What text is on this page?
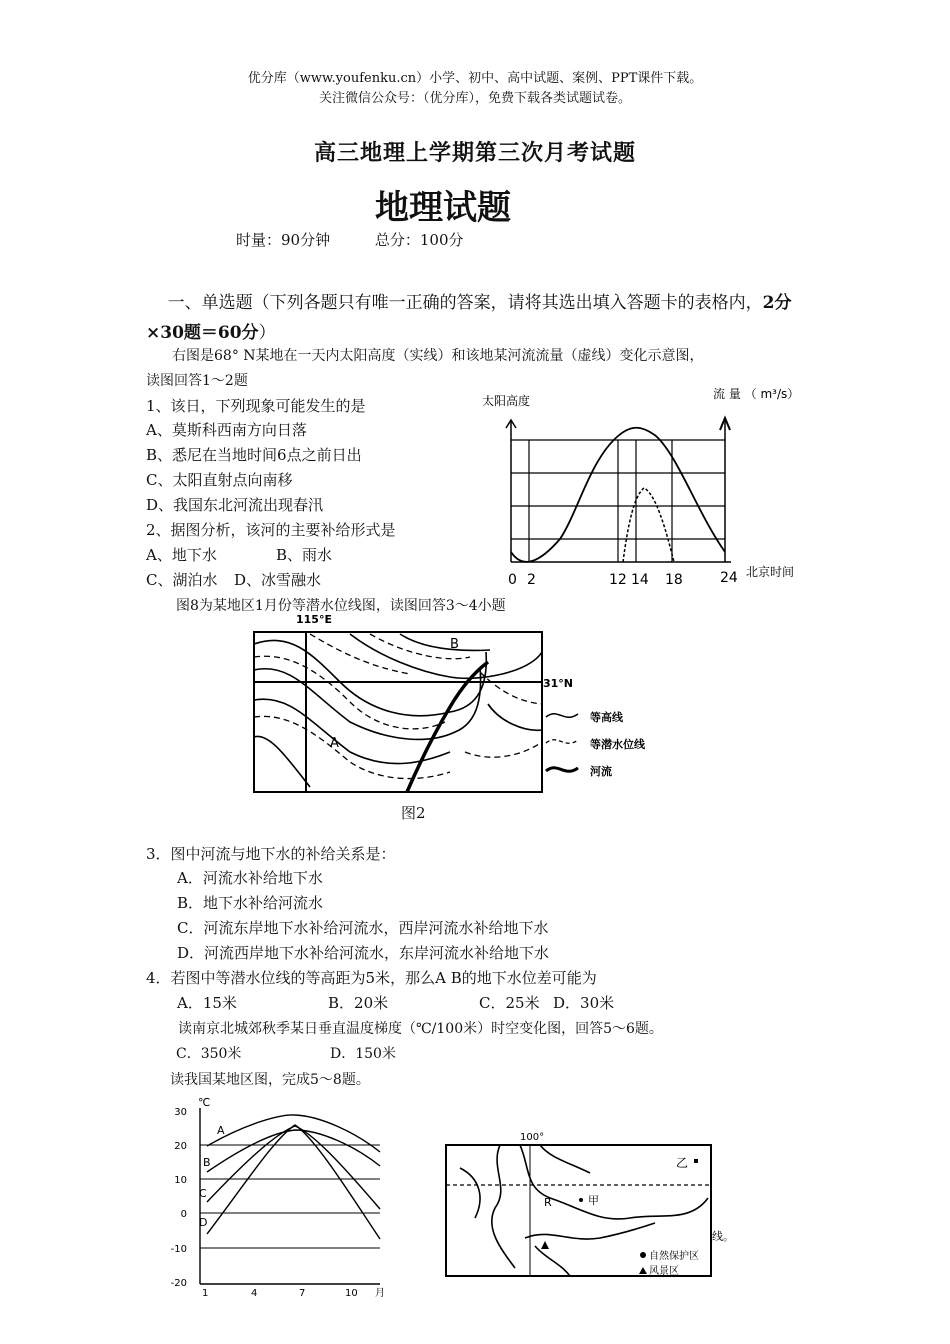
优分库（www.youfenku.cn）小学、初中、高中试题、案例、PPT课件下载。
关注微信公众号：（优分库），免费下载各类试题试卷。
高三地理上学期第三次月考试题
地理试题
时量：90分钟	总分：100分
一、单选题（下列各题只有唯一正确的答案，请将其选出填入答题卡的表格内，2分×30题＝60分）
右图是68° N某地在一天内太阳高度（实线）和该地某河流流量（虚线）变化示意图，
读图回答1～2题
1、该日，下列现象可能发生的是
A、莫斯科西南方向日落
B、悉尼在当地时间6点之前日出
C、太阳直射点向南移
D、我国东北河流出现春汛
2、据图分析，该河的主要补给形式是
A、地下水	B、雨水
C、湖泊水 D、冰雪融水
太阳高度	流 量 （ m³/s）
0 2	12 14 18	24 北京时间
图8为某地区1月份等潜水位线图，读图回答3～4小题
115°E
31°N
B
A
等高线
等潜水位线
河流
图2
3．图中河流与地下水的补给关系是：
A．河流水补给地下水
B．地下水补给河流水
C．河流东岸地下水补给河流水，西岸河流水补给地下水
D．河流西岸地下水补给河流水，东岸河流水补给地下水
4．若图中等潜水位线的等高距为5米，那么A B的地下水位差可能为
A．15米	B．20米	C．25米 D．30米
读南京北城郊秋季某日垂直温度梯度（℃/100米）时空变化图，回答5～6题。
C．350米	D．150米
读我国某地区图，完成5～8题。
℃
30
20
10
0
-10
-20
1	4	7	10 月
A
B
C
D
100°
R	甲
乙
线。
自然保护区
风景区
